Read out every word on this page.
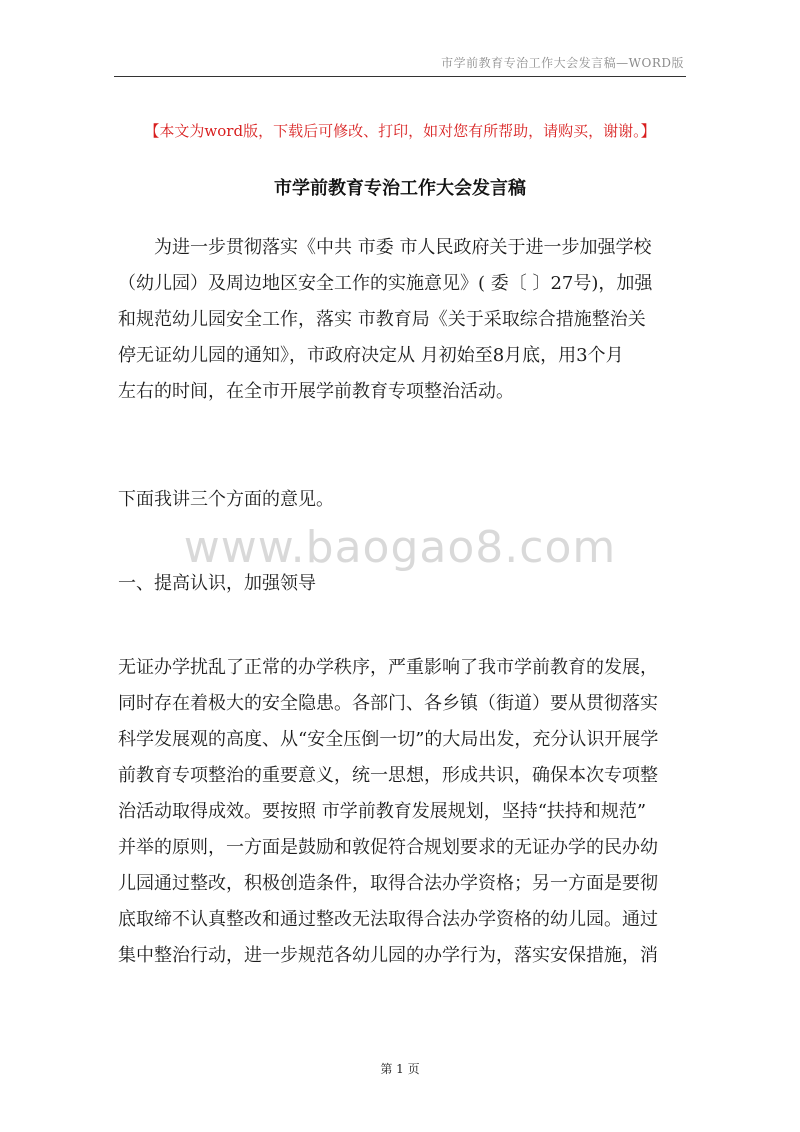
市学前教育专治工作大会发言稿—WORD版
【本文为word版，下载后可修改、打印，如对您有所帮助，请购买，谢谢。】
市学前教育专治工作大会发言稿

为进一步贯彻落实《中共 市委 市人民政府关于进一步加强学校
（幼儿园）及周边地区安全工作的实施意见》( 委〔 〕27号)，加强
和规范幼儿园安全工作，落实 市教育局《关于采取综合措施整治关
停无证幼儿园的通知》，市政府决定从 月初始至8月底，用3个月
左右的时间，在全市开展学前教育专项整治活动。

下面我讲三个方面的意见。

www.baogao8.com

一、提高认识，加强领导

无证办学扰乱了正常的办学秩序，严重影响了我市学前教育的发展，
同时存在着极大的安全隐患。各部门、各乡镇（街道）要从贯彻落实
科学发展观的高度、从“安全压倒一切”的大局出发，充分认识开展学
前教育专项整治的重要意义，统一思想，形成共识，确保本次专项整
治活动取得成效。要按照 市学前教育发展规划，坚持“扶持和规范”
并举的原则，一方面是鼓励和敦促符合规划要求的无证办学的民办幼
儿园通过整改，积极创造条件，取得合法办学资格；另一方面是要彻
底取缔不认真整改和通过整改无法取得合法办学资格的幼儿园。通过
集中整治行动，进一步规范各幼儿园的办学行为，落实安保措施，消

第 1 页
